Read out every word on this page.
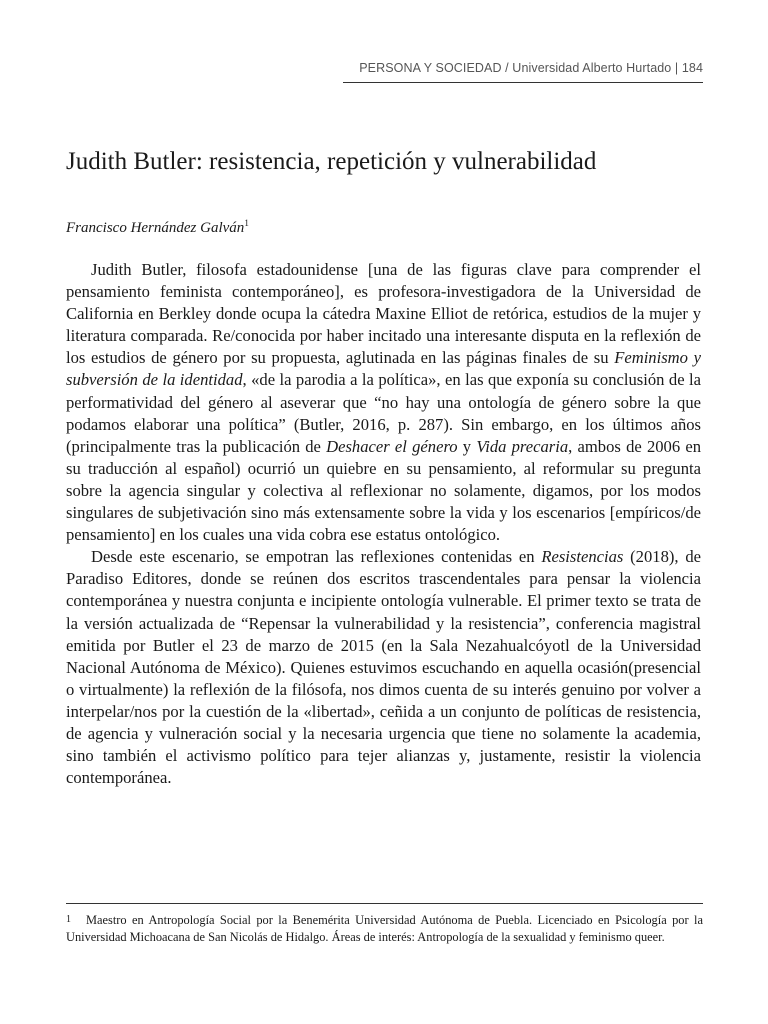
PERSONA Y SOCIEDAD / Universidad Alberto Hurtado | 184
Judith Butler: resistencia, repetición y vulnerabilidad

Francisco Hernández Galván$^1$

Judith Butler, filosofa estadounidense [una de las figuras clave para comprender el pensamiento feminista contemporáneo], es profesora-investigadora de la Universidad de California en Berkley donde ocupa la cátedra Maxine Elliot de retórica, estudios de la mujer y literatura comparada. Re/conocida por haber incitado una interesante disputa en la reflexión de los estudios de género por su propuesta, aglutinada en las páginas finales de su Feminismo y subversión de la identidad, «de la parodia a la política», en las que exponía su conclusión de la performatividad del género al aseverar que “no hay una ontología de género sobre la que podamos elaborar una política” (Butler, 2016, p. 287). Sin embargo, en los últimos años (principalmente tras la publicación de Deshacer el género y Vida precaria, ambos de 2006 en su traducción al español) ocurrió un quiebre en su pensamiento, al reformular su pregunta sobre la agencia singular y colectiva al reflexionar no solamente, digamos, por los modos singulares de subjetivación sino más extensamente sobre la vida y los escenarios [empíricos/de pensamiento] en los cuales una vida cobra ese estatus ontológico.

Desde este escenario, se empotran las reflexiones contenidas en Resistencias (2018), de Paradiso Editores, donde se reúnen dos escritos trascendentales para pensar la violencia contemporánea y nuestra conjunta e incipiente ontología vulnerable. El primer texto se trata de la versión actualizada de “Repensar la vulnerabilidad y la resistencia”, conferencia magistral emitida por Butler el 23 de marzo de 2015 (en la Sala Nezahualcóyotl de la Universidad Nacional Autónoma de México). Quienes estuvimos escuchando en aquella ocasión(presencial o virtualmente) la reflexión de la filósofa, nos dimos cuenta de su interés genuino por volver a interpelar/nos por la cuestión de la «libertad», ceñida a un conjunto de políticas de resistencia, de agencia y vulneración social y la necesaria urgencia que tiene no solamente la academia, sino también el activismo político para tejer alianzas y, justamente, resistir la violencia contemporánea.

1 Maestro en Antropología Social por la Benemérita Universidad Autónoma de Puebla. Licenciado en Psicología por la Universidad Michoacana de San Nicolás de Hidalgo. Áreas de interés: Antropología de la sexualidad y feminismo queer.
